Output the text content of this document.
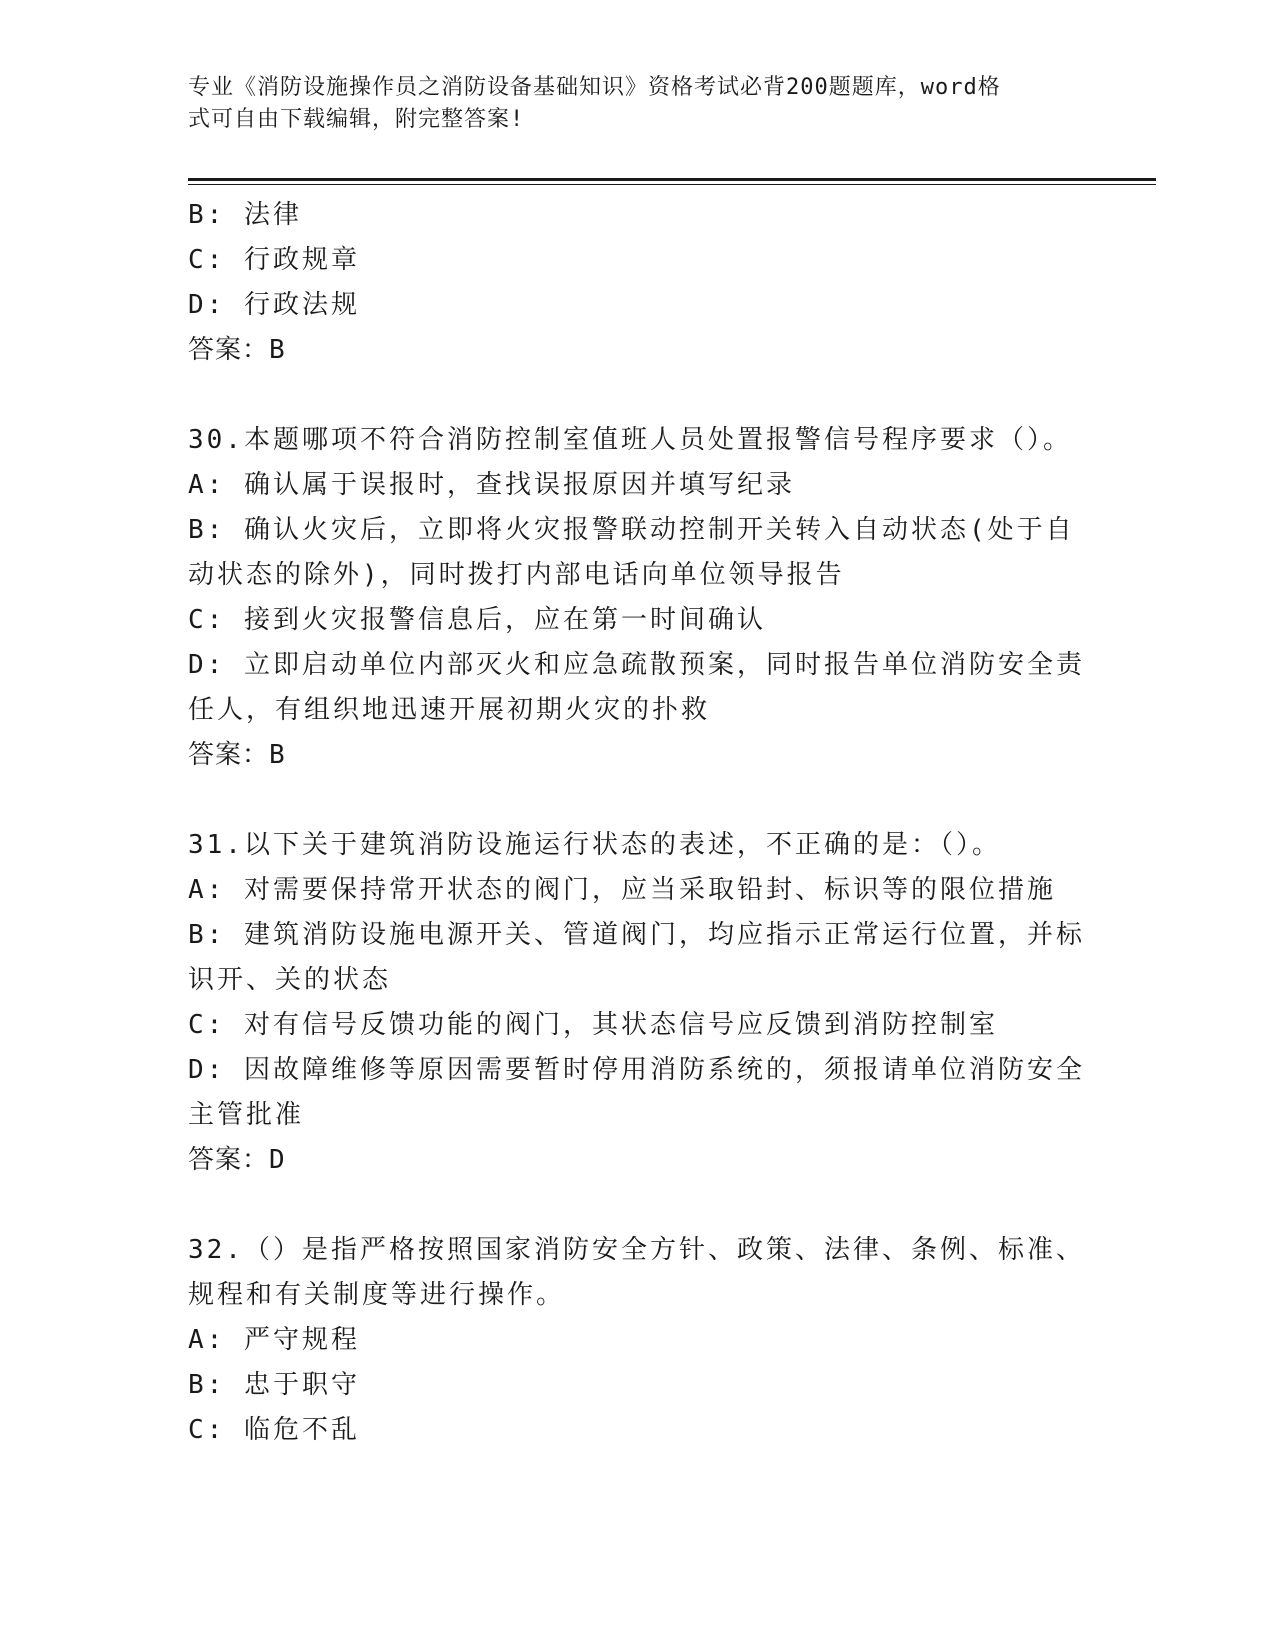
专业《消防设施操作员之消防设备基础知识》资格考试必背200题题库，word格
式可自由下载编辑，附完整答案!
B: 法律
C: 行政规章
D: 行政法规
答案：B
30.本题哪项不符合消防控制室值班人员处置报警信号程序要求（）。
A: 确认属于误报时，查找误报原因并填写纪录
B: 确认火灾后，立即将火灾报警联动控制开关转入自动状态(处于自
动状态的除外)，同时拨打内部电话向单位领导报告
C: 接到火灾报警信息后，应在第一时间确认
D: 立即启动单位内部灭火和应急疏散预案，同时报告单位消防安全责
任人，有组织地迅速开展初期火灾的扑救
答案：B
31.以下关于建筑消防设施运行状态的表述，不正确的是：（）。
A: 对需要保持常开状态的阀门，应当采取铅封、标识等的限位措施
B: 建筑消防设施电源开关、管道阀门，均应指示正常运行位置，并标
识开、关的状态
C: 对有信号反馈功能的阀门，其状态信号应反馈到消防控制室
D: 因故障维修等原因需要暂时停用消防系统的，须报请单位消防安全
主管批准
答案：D
32.（）是指严格按照国家消防安全方针、政策、法律、条例、标准、
规程和有关制度等进行操作。
A: 严守规程
B: 忠于职守
C: 临危不乱
